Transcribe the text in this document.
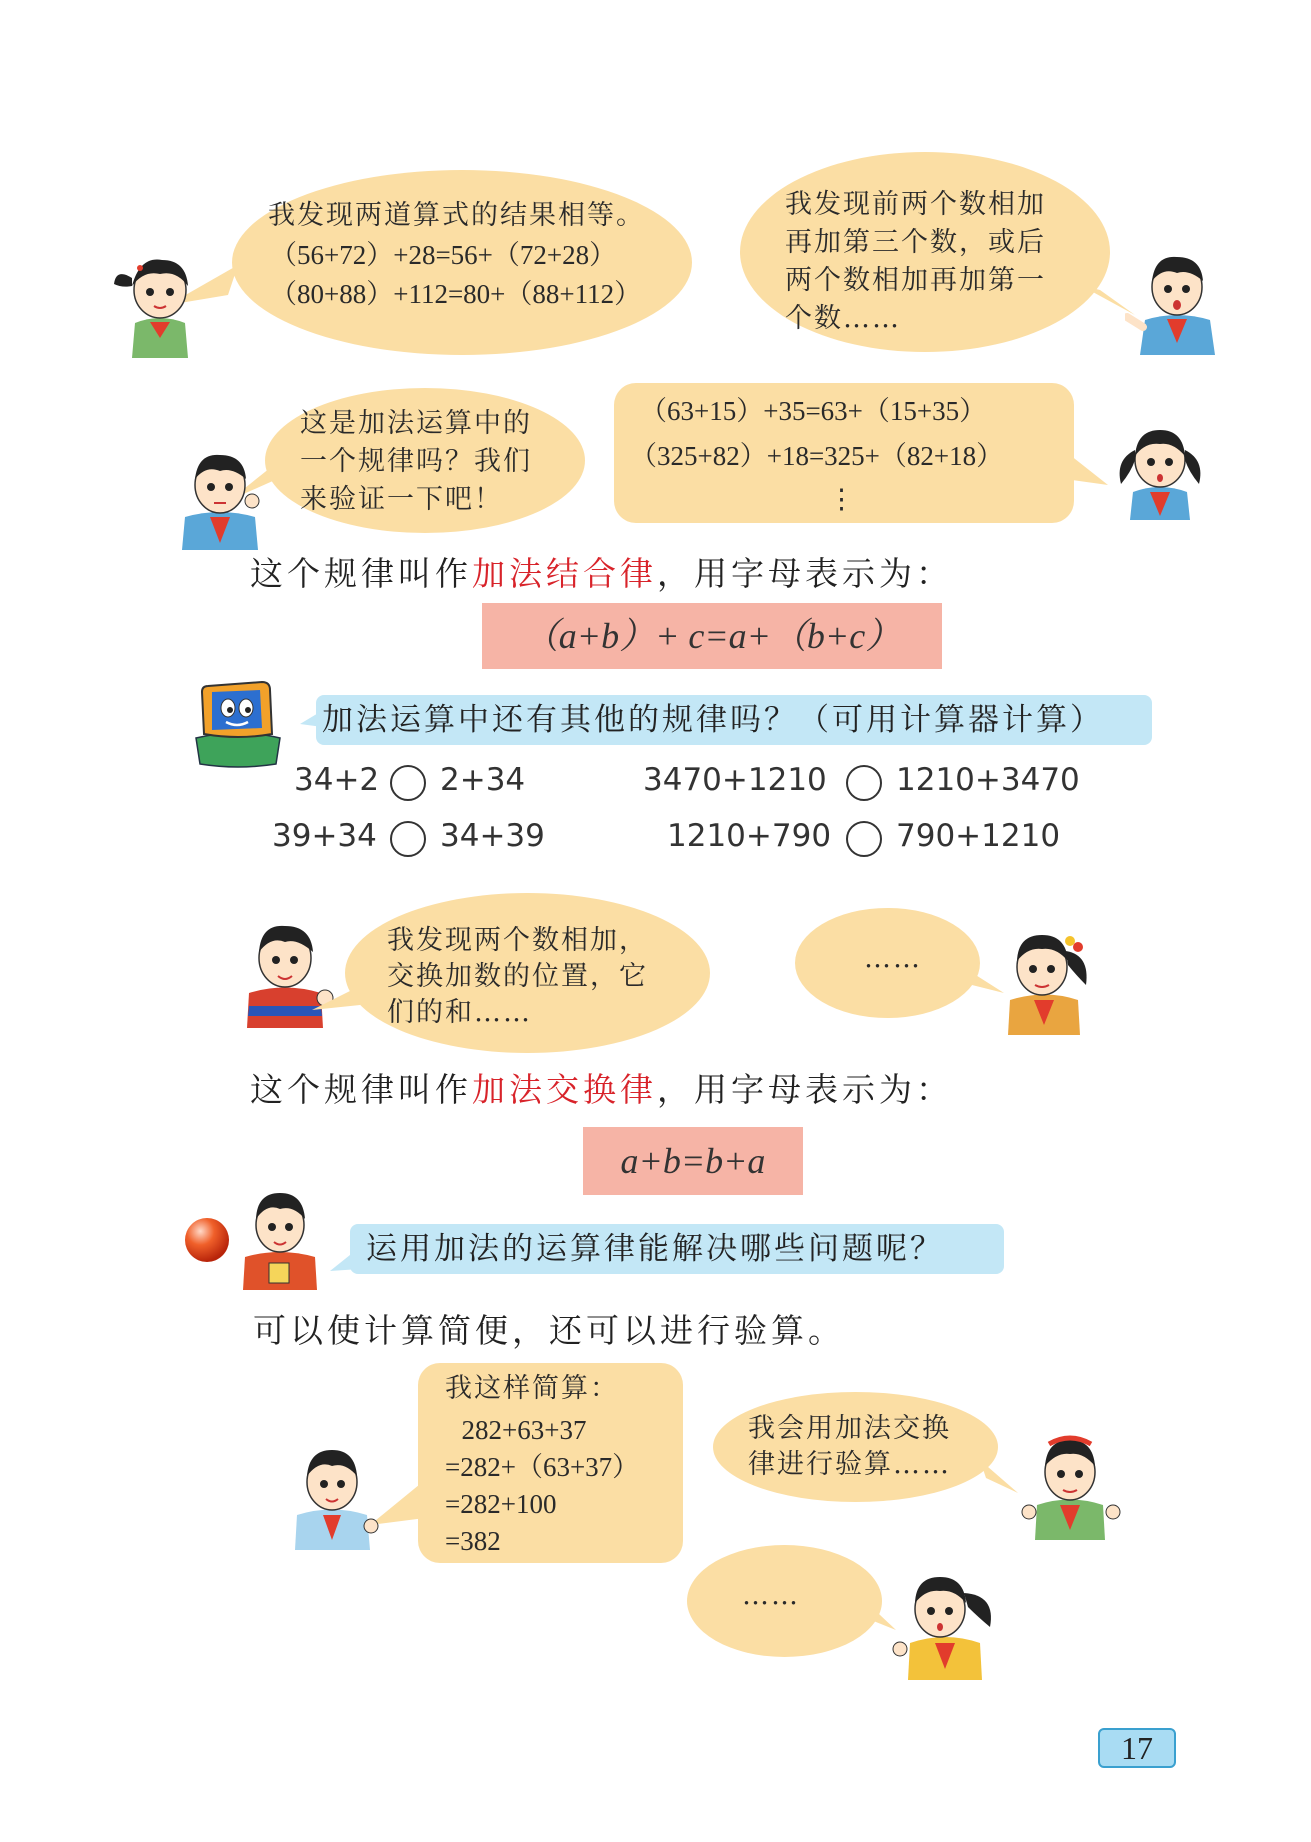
我发现两道算式的结果相等。
（56+72）+28=56+（72+28）
（80+88）+112=80+（88+112）
我发现前两个数相加
再加第三个数，或后
两个数相加再加第一
个数……
这是加法运算中的
一个规律吗？我们
来验证一下吧！
（63+15）+35=63+（15+35）
（325+82）+18=325+（82+18）
⋮
这个规律叫作加法结合律，用字母表示为：
（a+b）+ c=a+（b+c）
加法运算中还有其他的规律吗？（可用计算器计算）
34+2 2+34
39+34 34+39
3470+1210 1210+3470
1210+790 790+1210
我发现两个数相加，
交换加数的位置，它
们的和……
……
这个规律叫作加法交换律，用字母表示为：
a+b=b+a
运用加法的运算律能解决哪些问题呢？
可以使计算简便，还可以进行验算。
我这样简算：
282+63+37
=282+（63+37）
=282+100
=382
我会用加法交换
律进行验算……
……
17
